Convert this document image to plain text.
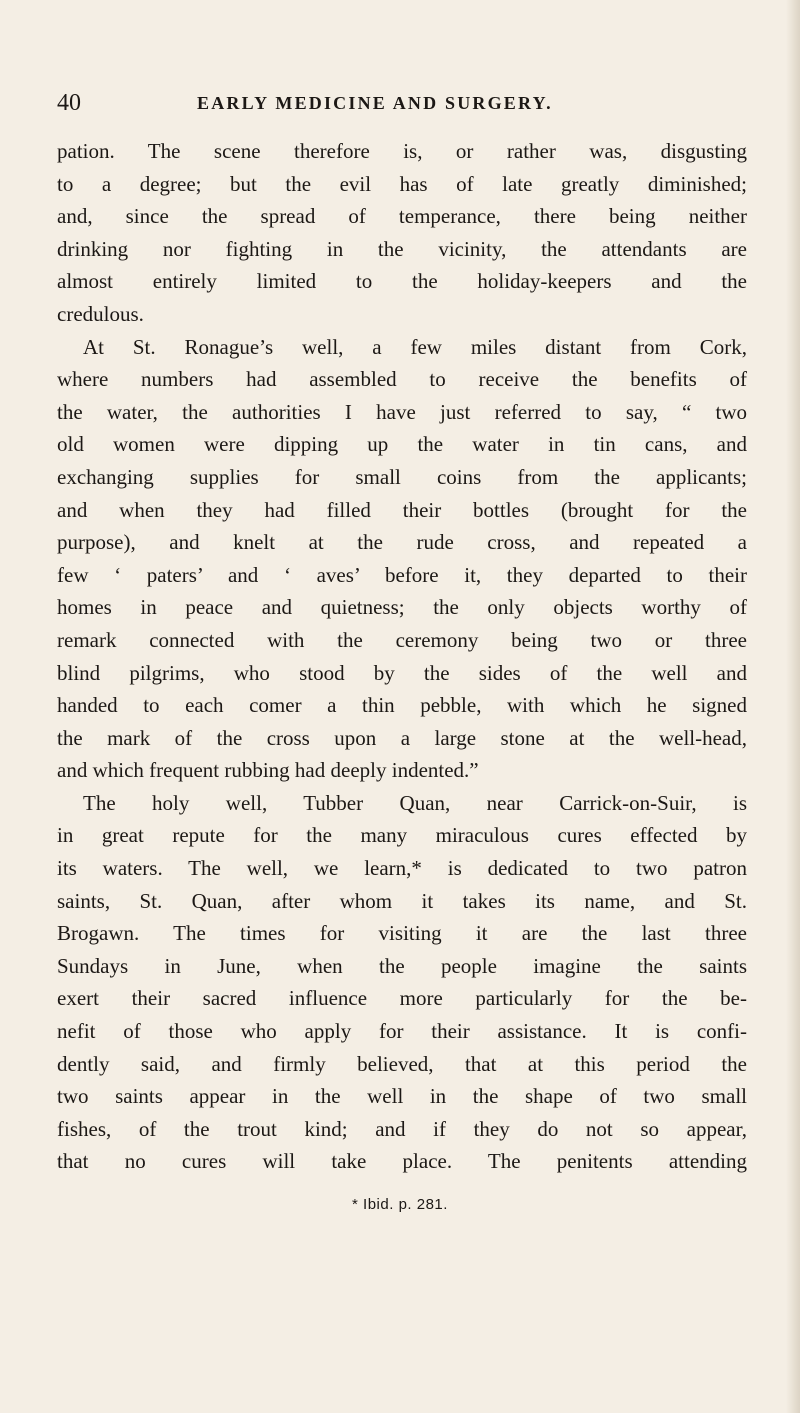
40	EARLY MEDICINE AND SURGERY.
pation. The scene therefore is, or rather was, disgusting
to a degree; but the evil has of late greatly diminished;
and, since the spread of temperance, there being neither
drinking nor fighting in the vicinity, the attendants are
almost entirely limited to the holiday-keepers and the
credulous.
At St. Ronague’s well, a few miles distant from Cork,
where numbers had assembled to receive the benefits of
the water, the authorities I have just referred to say, “ two
old women were dipping up the water in tin cans, and
exchanging supplies for small coins from the applicants;
and when they had filled their bottles (brought for the
purpose), and knelt at the rude cross, and repeated a
few ‘ paters’ and ‘ aves’ before it, they departed to their
homes in peace and quietness; the only objects worthy of
remark connected with the ceremony being two or three
blind pilgrims, who stood by the sides of the well and
handed to each comer a thin pebble, with which he signed
the mark of the cross upon a large stone at the well-head,
and which frequent rubbing had deeply indented.”
The holy well, Tubber Quan, near Carrick-on-Suir, is
in great repute for the many miraculous cures effected by
its waters. The well, we learn,* is dedicated to two patron
saints, St. Quan, after whom it takes its name, and St.
Brogawn. The times for visiting it are the last three
Sundays in June, when the people imagine the saints
exert their sacred influence more particularly for the be-
nefit of those who apply for their assistance. It is confi-
dently said, and firmly believed, that at this period the
two saints appear in the well in the shape of two small
fishes, of the trout kind; and if they do not so appear,
that no cures will take place. The penitents attending
* Ibid. p. 281.
